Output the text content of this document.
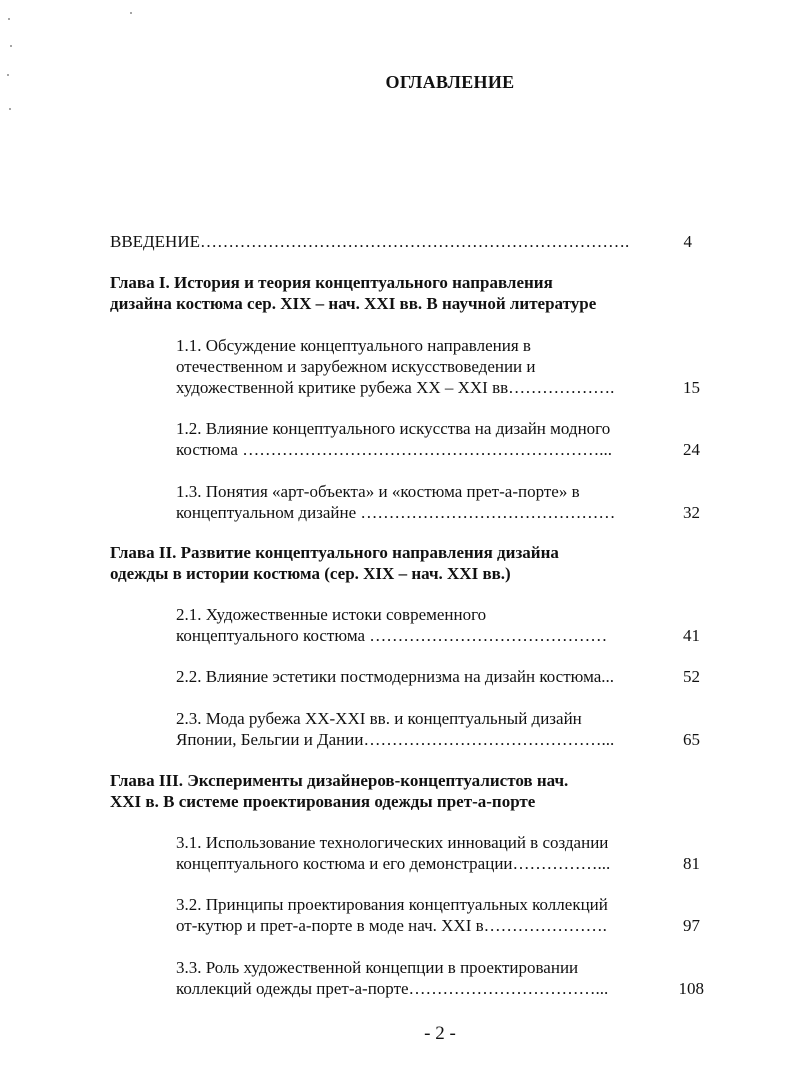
ОГЛАВЛЕНИЕ
ВВЕДЕНИЕ………………………………………………………………….	4
Глава I. История и теория концептуального направления
дизайна костюма сер. XIX – нач. XXI вв. В научной литературе
1.1. Обсуждение концептуального направления в
отечественном и зарубежном искусствоведении и
художественной критике рубежа XX – XXI вв……………….	15
1.2. Влияние концептуального искусства на дизайн модного
костюма ………………………………………………………...	24
1.3. Понятия «арт-объекта» и «костюма прет-а-порте» в
концептуальном дизайне ………………………………………	32
Глава II. Развитие концептуального направления дизайна
одежды в истории костюма (сер. XIX – нач. XXI вв.)
2.1. Художественные истоки современного
концептуального костюма ……………………………………	41
2.2. Влияние эстетики постмодернизма на дизайн костюма...	52
2.3. Мода рубежа XX-XXI вв. и концептуальный дизайн
Японии, Бельгии и Дании……………………………………...	65
Глава III. Эксперименты дизайнеров-концептуалистов нач.
XXI в. В системе проектирования одежды прет-а-порте
3.1. Использование технологических инноваций в создании
концептуального костюма и его демонстрации……………...	81
3.2. Принципы проектирования концептуальных коллекций
от-кутюр и прет-а-порте в моде нач. XXI в………………….	97
3.3. Роль художественной концепции в проектировании
коллекций одежды прет-а-порте……………………………...	108
- 2 -
